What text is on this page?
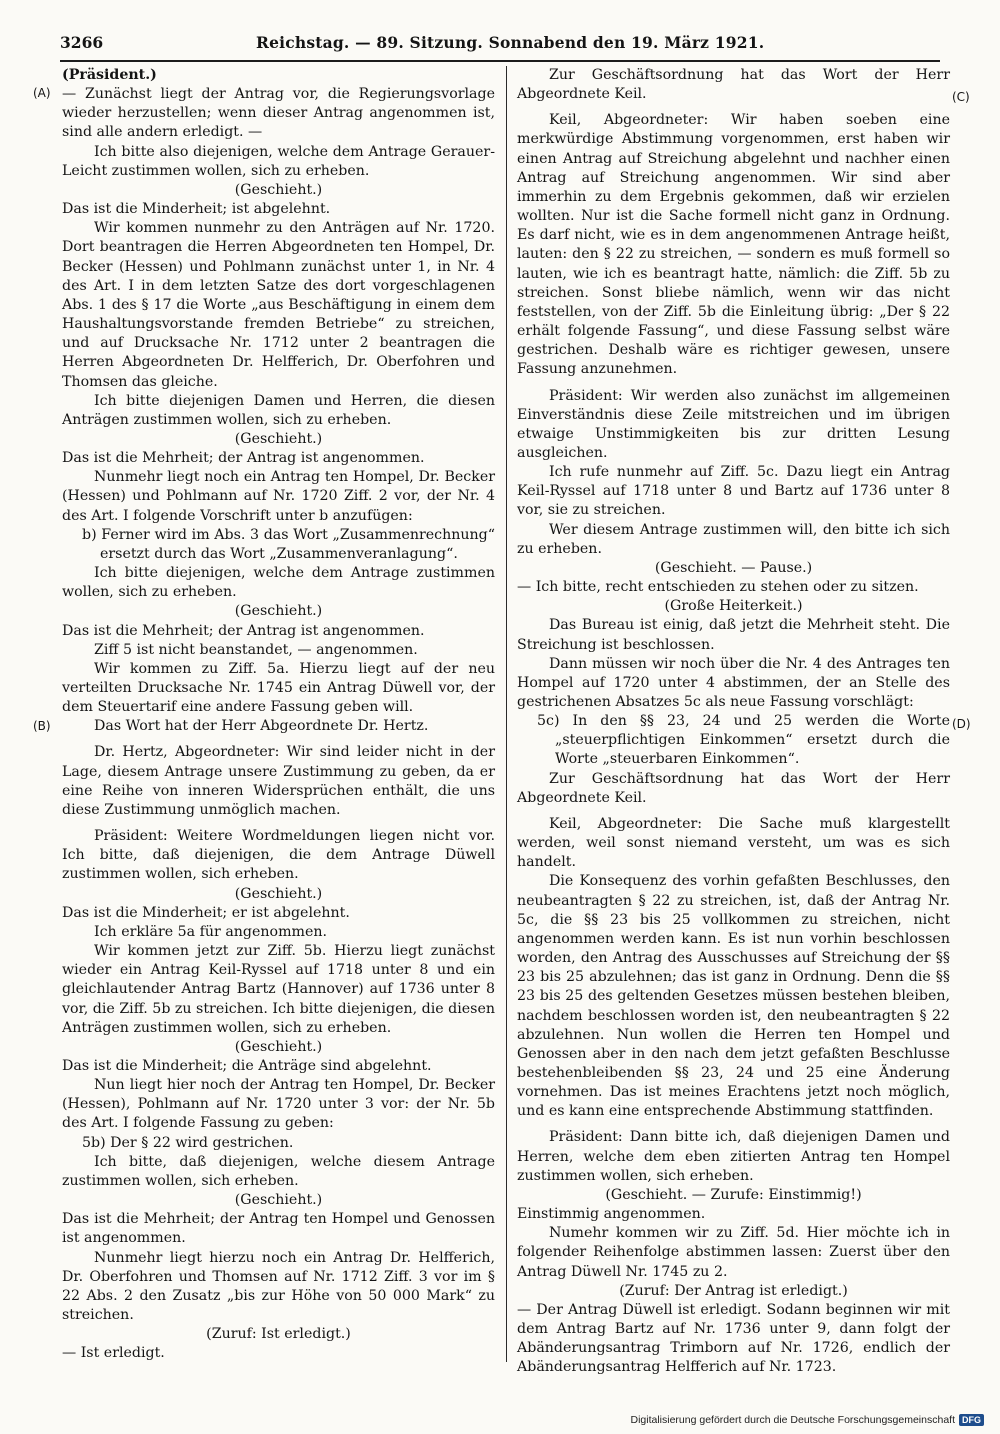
3266	Reichstag. — 89. Sitzung. Sonnabend den 19. März 1921.
(A)
(B)
(C)
(D)

(Präsident.)

— Zunächst liegt der Antrag vor, die Regierungsvorlage wieder herzustellen; wenn dieser Antrag angenommen ist, sind alle andern erledigt. —

Ich bitte also diejenigen, welche dem Antrage Gerauer-Leicht zustimmen wollen, sich zu erheben.

(Geschieht.)

Das ist die Minderheit; ist abgelehnt.

Wir kommen nunmehr zu den Anträgen auf Nr. 1720. Dort beantragen die Herren Abgeordneten ten Hompel, Dr. Becker (Hessen) und Pohlmann zunächst unter 1, in Nr. 4 des Art. I in dem letzten Satze des dort vorgeschlagenen Abs. 1 des § 17 die Worte „aus Beschäftigung in einem dem Haushaltungsvorstande fremden Betriebe“ zu streichen, und auf Drucksache Nr. 1712 unter 2 beantragen die Herren Abgeordneten Dr. Helfferich, Dr. Oberfohren und Thomsen das gleiche.

Ich bitte diejenigen Damen und Herren, die diesen Anträgen zustimmen wollen, sich zu erheben.

(Geschieht.)

Das ist die Mehrheit; der Antrag ist angenommen.

Nunmehr liegt noch ein Antrag ten Hompel, Dr. Becker (Hessen) und Pohlmann auf Nr. 1720 Ziff. 2 vor, der Nr. 4 des Art. I folgende Vorschrift unter b anzufügen:

b) Ferner wird im Abs. 3 das Wort „Zusammenrechnung“ ersetzt durch das Wort „Zusammenveranlagung“.

Ich bitte diejenigen, welche dem Antrage zustimmen wollen, sich zu erheben.

(Geschieht.)

Das ist die Mehrheit; der Antrag ist angenommen.

Ziff 5 ist nicht beanstandet, — angenommen.

Wir kommen zu Ziff. 5a. Hierzu liegt auf der neu verteilten Drucksache Nr. 1745 ein Antrag Düwell vor, der dem Steuertarif eine andere Fassung geben will.

Das Wort hat der Herr Abgeordnete Dr. Hertz.

Dr. Hertz, Abgeordneter: Wir sind leider nicht in der Lage, diesem Antrage unsere Zustimmung zu geben, da er eine Reihe von inneren Widersprüchen enthält, die uns diese Zustimmung unmöglich machen.

Präsident: Weitere Wordmeldungen liegen nicht vor. Ich bitte, daß diejenigen, die dem Antrage Düwell zustimmen wollen, sich erheben.

(Geschieht.)

Das ist die Minderheit; er ist abgelehnt.

Ich erkläre 5a für angenommen.

Wir kommen jetzt zur Ziff. 5b. Hierzu liegt zunächst wieder ein Antrag Keil-Ryssel auf 1718 unter 8 und ein gleichlautender Antrag Bartz (Hannover) auf 1736 unter 8 vor, die Ziff. 5b zu streichen. Ich bitte diejenigen, die diesen Anträgen zustimmen wollen, sich zu erheben.

(Geschieht.)

Das ist die Minderheit; die Anträge sind abgelehnt.

Nun liegt hier noch der Antrag ten Hompel, Dr. Becker (Hessen), Pohlmann auf Nr. 1720 unter 3 vor: der Nr. 5b des Art. I folgende Fassung zu geben:

5b) Der § 22 wird gestrichen.

Ich bitte, daß diejenigen, welche diesem Antrage zustimmen wollen, sich erheben.

(Geschieht.)

Das ist die Mehrheit; der Antrag ten Hompel und Genossen ist angenommen.

Nunmehr liegt hierzu noch ein Antrag Dr. Helfferich, Dr. Oberfohren und Thomsen auf Nr. 1712 Ziff. 3 vor im § 22 Abs. 2 den Zusatz „bis zur Höhe von 50 000 Mark“ zu streichen.

(Zuruf: Ist erledigt.)

— Ist erledigt.

Zur Geschäftsordnung hat das Wort der Herr Abgeordnete Keil.

Keil, Abgeordneter: Wir haben soeben eine merkwürdige Abstimmung vorgenommen, erst haben wir einen Antrag auf Streichung abgelehnt und nachher einen Antrag auf Streichung angenommen. Wir sind aber immerhin zu dem Ergebnis gekommen, daß wir erzielen wollten. Nur ist die Sache formell nicht ganz in Ordnung. Es darf nicht, wie es in dem angenommenen Antrage heißt, lauten: den § 22 zu streichen, — sondern es muß formell so lauten, wie ich es beantragt hatte, nämlich: die Ziff. 5b zu streichen. Sonst bliebe nämlich, wenn wir das nicht feststellen, von der Ziff. 5b die Einleitung übrig: „Der § 22 erhält folgende Fassung“, und diese Fassung selbst wäre gestrichen. Deshalb wäre es richtiger gewesen, unsere Fassung anzunehmen.

Präsident: Wir werden also zunächst im allgemeinen Einverständnis diese Zeile mitstreichen und im übrigen etwaige Unstimmigkeiten bis zur dritten Lesung ausgleichen.

Ich rufe nunmehr auf Ziff. 5c. Dazu liegt ein Antrag Keil-Ryssel auf 1718 unter 8 und Bartz auf 1736 unter 8 vor, sie zu streichen.

Wer diesem Antrage zustimmen will, den bitte ich sich zu erheben.

(Geschieht. — Pause.)

— Ich bitte, recht entschieden zu stehen oder zu sitzen.

(Große Heiterkeit.)

Das Bureau ist einig, daß jetzt die Mehrheit steht. Die Streichung ist beschlossen.

Dann müssen wir noch über die Nr. 4 des Antrages ten Hompel auf 1720 unter 4 abstimmen, der an Stelle des gestrichenen Absatzes 5c als neue Fassung vorschlägt:

5c) In den §§ 23, 24 und 25 werden die Worte „steuerpflichtigen Einkommen“ ersetzt durch die Worte „steuerbaren Einkommen“.

Zur Geschäftsordnung hat das Wort der Herr Abgeordnete Keil.

Keil, Abgeordneter: Die Sache muß klargestellt werden, weil sonst niemand versteht, um was es sich handelt.

Die Konsequenz des vorhin gefaßten Beschlusses, den neubeantragten § 22 zu streichen, ist, daß der Antrag Nr. 5c, die §§ 23 bis 25 vollkommen zu streichen, nicht angenommen werden kann. Es ist nun vorhin beschlossen worden, den Antrag des Ausschusses auf Streichung der §§ 23 bis 25 abzulehnen; das ist ganz in Ordnung. Denn die §§ 23 bis 25 des geltenden Gesetzes müssen bestehen bleiben, nachdem beschlossen worden ist, den neubeantragten § 22 abzulehnen. Nun wollen die Herren ten Hompel und Genossen aber in den nach dem jetzt gefaßten Beschlusse bestehenbleibenden §§ 23, 24 und 25 eine Änderung vornehmen. Das ist meines Erachtens jetzt noch möglich, und es kann eine entsprechende Abstimmung stattfinden.

Präsident: Dann bitte ich, daß diejenigen Damen und Herren, welche dem eben zitierten Antrag ten Hompel zustimmen wollen, sich erheben.

(Geschieht. — Zurufe: Einstimmig!)

Einstimmig angenommen.

Numehr kommen wir zu Ziff. 5d. Hier möchte ich in folgender Reihenfolge abstimmen lassen: Zuerst über den Antrag Düwell Nr. 1745 zu 2.

(Zuruf: Der Antrag ist erledigt.)

— Der Antrag Düwell ist erledigt. Sodann beginnen wir mit dem Antrag Bartz auf Nr. 1736 unter 9, dann folgt der Abänderungsantrag Trimborn auf Nr. 1726, endlich der Abänderungsantrag Helfferich auf Nr. 1723.

Digitalisierung gefördert durch die Deutsche Forschungsgemeinschaft DFG
